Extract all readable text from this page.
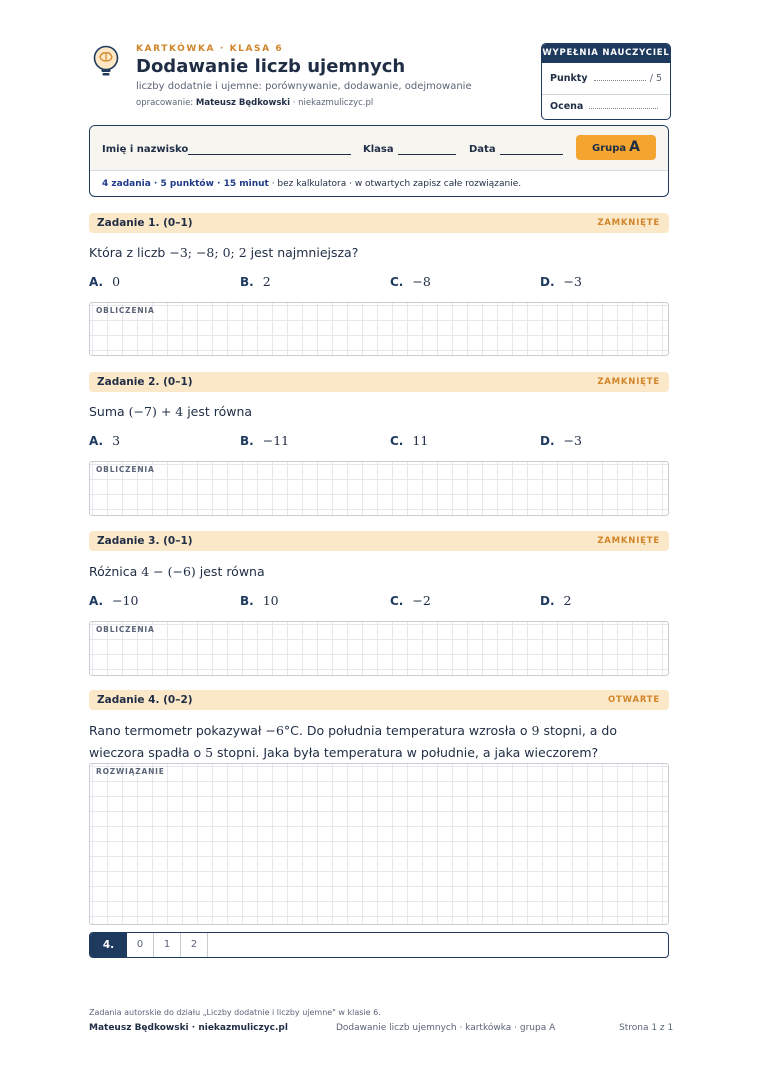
KARTKÓWKA · KLASA 6
Dodawanie liczb ujemnych
liczby dodatnie i ujemne: porównywanie, dodawanie, odejmowanie
opracowanie: Mateusz Będkowski · niekazmuliczyc.pl
WYPEŁNIA NAUCZYCIEL
Punkty	/ 5
Ocena
Imię i nazwisko	Klasa	Data	Grupa A
4 zadania · 5 punktów · 15 minut · bez kalkulatora · w otwartych zapisz całe rozwiązanie.
Zadanie 1. (0–1)	ZAMKNIĘTE
Która z liczb −3; −8; 0; 2 jest najmniejsza?
A. 0	B. 2	C. −8	D. −3
OBLICZENIA
Zadanie 2. (0–1)	ZAMKNIĘTE
Suma (−7) + 4 jest równa
A. 3	B. −11	C. 11	D. −3
OBLICZENIA
Zadanie 3. (0–1)	ZAMKNIĘTE
Różnica 4 − (−6) jest równa
A. −10	B. 10	C. −2	D. 2
OBLICZENIA
Zadanie 4. (0–2)	OTWARTE
Rano termometr pokazywał −6°C. Do południa temperatura wzrosła o 9 stopni, a do
wieczora spadła o 5 stopni. Jaka była temperatura w południe, a jaka wieczorem?
ROZWIĄZANIE
4.	0	1	2
Zadania autorskie do działu „Liczby dodatnie i liczby ujemne" w klasie 6.
Mateusz Będkowski · niekazmuliczyc.pl	Dodawanie liczb ujemnych · kartkówka · grupa A	Strona 1 z 1
